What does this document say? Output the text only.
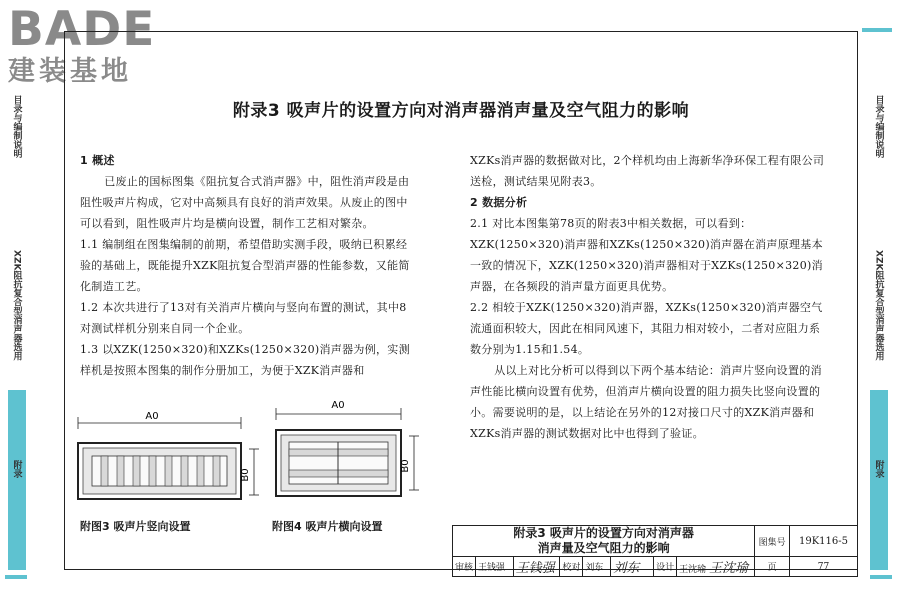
BADE
建装基地
目录与编制说明
XZK阻抗复合型消声器选用
附录
目录与编制说明
XZK阻抗复合型消声器选用
附录
附录3 吸声片的设置方向对消声器消声量及空气阻力的影响

1 概述

已废止的国标图集《阻抗复合式消声器》中，阻性消声段是由阻性吸声片构成，它对中高频具有良好的消声效果。从废止的图中可以看到，阻性吸声片均是横向设置，制作工艺相对繁杂。

1.1 编制组在图集编制的前期，希望借助实测手段，吸纳已积累经验的基础上，既能提升XZK阻抗复合型消声器的性能参数，又能简化制造工艺。

1.2 本次共进行了13对有关消声片横向与竖向布置的测试，其中8对测试样机分别来自同一个企业。

1.3 以XZK(1250×320)和XZKs(1250×320)消声器为例，实测样机是按照本图集的制作分册加工，为便于XZK消声器和

XZKs消声器的数据做对比，2个样机均由上海新华净环保工程有限公司送检，测试结果见附表3。

2 数据分析

2.1 对比本图集第78页的附表3中相关数据，可以看到：XZK(1250×320)消声器和XZKs(1250×320)消声器在消声原理基本一致的情况下，XZK(1250×320)消声器相对于XZKs(1250×320)消声器，在各频段的消声量方面更具优势。

2.2 相较于XZK(1250×320)消声器，XZKs(1250×320)消声器空气流通面积较大，因此在相同风速下，其阻力相对较小，二者对应阻力系数分别为1.15和1.54。

从以上对比分析可以得到以下两个基本结论：消声片竖向设置的消声性能比横向设置有优势，但消声片横向设置的阻力损失比竖向设置的小。需要说明的是，以上结论在另外的12对接口尺寸的XZK消声器和XZKs消声器的测试数据对比中也得到了验证。

A0
B0
附图3 吸声片竖向设置
A0
B0
附图4 吸声片横向设置	附录3 吸声片的设置方向对消声器
消声量及空气阻力的影响								图集号	19K116-5
审核	王钱强	王钱强	校对	刘东	刘东	设计	王沈瑜 王沈瑜	页	77
